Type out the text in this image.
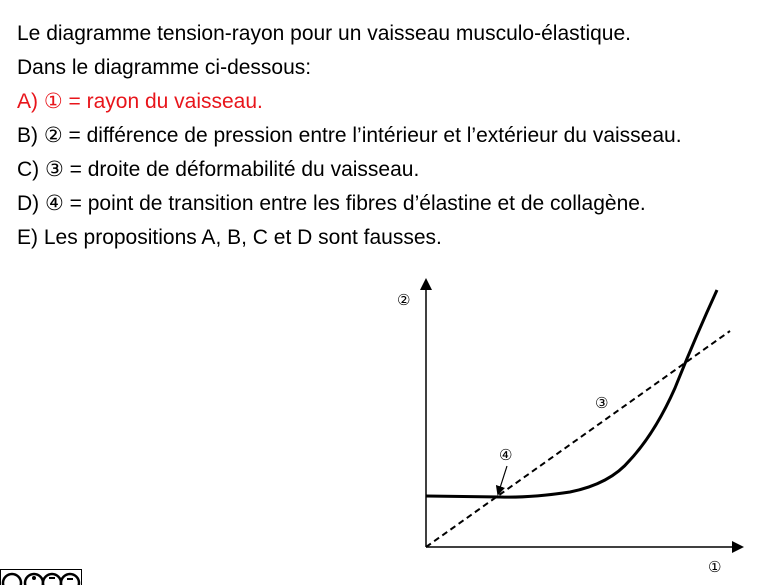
Le diagramme tension-rayon pour un vaisseau musculo-élastique.
Dans le diagramme ci-dessous:
A) ① = rayon du vaisseau.
B) ② = différence de pression entre l’intérieur et l’extérieur du vaisseau.
C) ③ = droite de déformabilité du vaisseau.
D) ④ = point de transition entre les fibres d’élastine et de collagène.
E) Les propositions A, B, C et D sont fausses.
②
①
③
④
